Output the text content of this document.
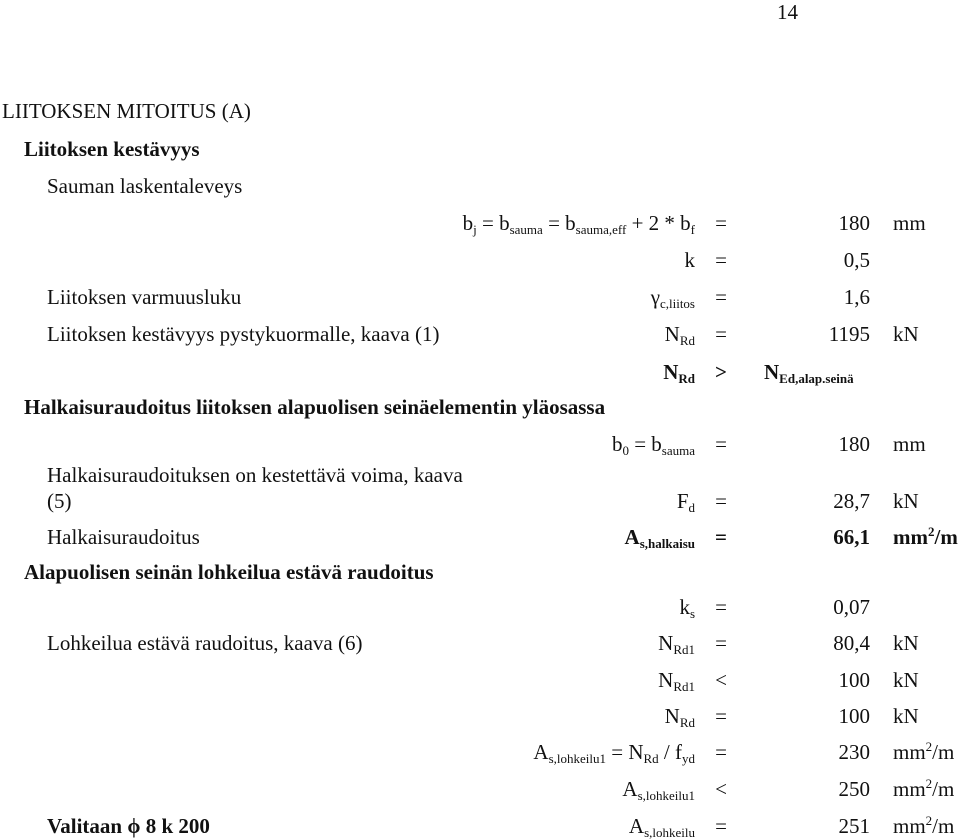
14
LIITOKSEN MITOITUS (A)
Liitoksen kestävyys
Sauman laskentaleveys
$b_j = b_{sauma} = b_{sauma,eff} + 2 * b_f$ =	180 mm
k =	0,5
Liitoksen varmuusluku	$\gamma_{c,liitos}$ =	1,6
Liitoksen kestävyys pystykuormalle, kaava (1)	$N_{Rd}$ =	1195 kN
$N_{Rd} > N_{Ed,alap.seinä}$
Halkaisuraudoitus liitoksen alapuolisen seinäelementin yläosassa
$b_0 = b_{sauma}$ =	180 mm
Halkaisuraudoituksen on kestettävä voima, kaava
(5)	$F_d$ =	28,7 kN
Halkaisuraudoitus	$A_{s,halkaisu}$ =	66,1 $mm^2/m$
Alapuolisen seinän lohkeilua estävä raudoitus
$k_s$ =	0,07
Lohkeilua estävä raudoitus, kaava (6)	$N_{Rd1}$ =	80,4 kN
$N_{Rd1}$ <	100 kN
$N_{Rd}$ =	100 kN
$A_{s,lohkeilu1} = N_{Rd} / f_{yd}$ =	230 $mm^2/m$
$A_{s,lohkeilu1}$ <	250 $mm^2/m$
Valitaan ϕ 8 k 200	$A_{s,lohkeilu}$ =	251 $mm^2/m$
